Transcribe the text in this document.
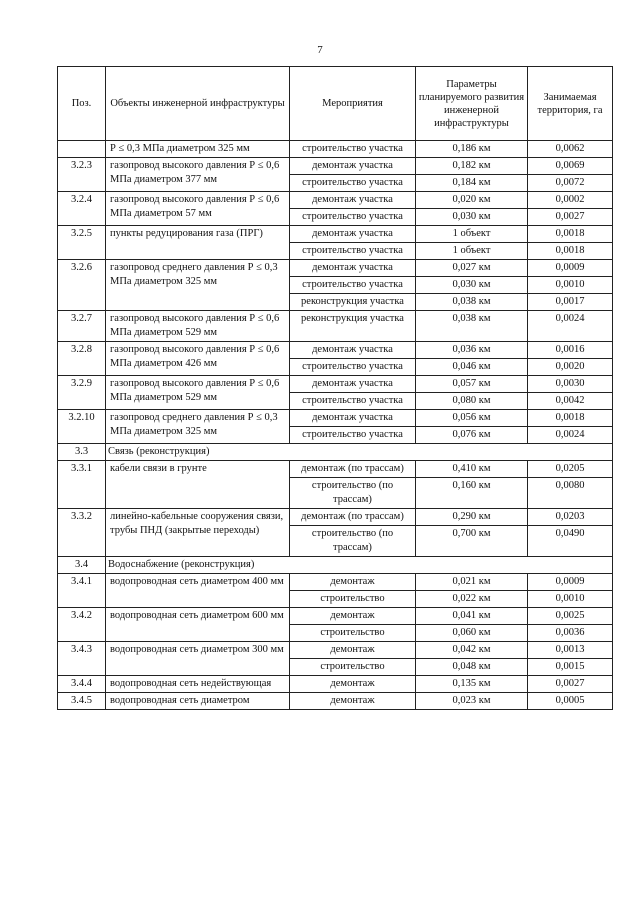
7
Поз.	Объекты инженерной инфраструктуры	Мероприятия	Параметры планируемого развития инженерной инфраструктуры	Занимаемая территория, га
	Р ≤ 0,3 МПа диаметром 325 мм	строительство участка	0,186 км	0,0062
3.2.3	газопровод высокого давления Р ≤ 0,6 МПа диаметром 377 мм	демонтаж участка	0,182 км	0,0069
		строительство участка	0,184 км	0,0072
3.2.4	газопровод высокого давления Р ≤ 0,6 МПа диаметром 57 мм	демонтаж участка	0,020 км	0,0002
		строительство участка	0,030 км	0,0027
3.2.5	пункты редуцирования газа (ПРГ)	демонтаж участка	1 объект	0,0018
		строительство участка	1 объект	0,0018
3.2.6	газопровод среднего давления Р ≤ 0,3 МПа диаметром 325 мм	демонтаж участка	0,027 км	0,0009
		строительство участка	0,030 км	0,0010
		реконструкция участка	0,038 км	0,0017
3.2.7	газопровод высокого давления Р ≤ 0,6 МПа диаметром 529 мм	реконструкция участка	0,038 км	0,0024
3.2.8	газопровод высокого давления Р ≤ 0,6 МПа диаметром 426 мм	демонтаж участка	0,036 км	0,0016
		строительство участка	0,046 км	0,0020
3.2.9	газопровод высокого давления Р ≤ 0,6 МПа диаметром 529 мм	демонтаж участка	0,057 км	0,0030
		строительство участка	0,080 км	0,0042
3.2.10	газопровод среднего давления Р ≤ 0,3 МПа диаметром 325 мм	демонтаж участка	0,056 км	0,0018
		строительство участка	0,076 км	0,0024
3.3	Связь (реконструкция)			
3.3.1	кабели связи в грунте	демонтаж (по трассам)	0,410 км	0,0205
		строительство (по трассам)	0,160 км	0,0080
3.3.2	линейно-кабельные сооружения связи, трубы ПНД (закрытые переходы)	демонтаж (по трассам)	0,290 км	0,0203
		строительство (по трассам)	0,700 км	0,0490
3.4	Водоснабжение (реконструкция)			
3.4.1	водопроводная сеть диаметром 400 мм	демонтаж	0,021 км	0,0009
		строительство	0,022 км	0,0010
3.4.2	водопроводная сеть диаметром 600 мм	демонтаж	0,041 км	0,0025
		строительство	0,060 км	0,0036
3.4.3	водопроводная сеть диаметром 300 мм	демонтаж	0,042 км	0,0013
		строительство	0,048 км	0,0015
3.4.4	водопроводная сеть недействующая	демонтаж	0,135 км	0,0027
3.4.5	водопроводная сеть диаметром	демонтаж	0,023 км	0,0005
